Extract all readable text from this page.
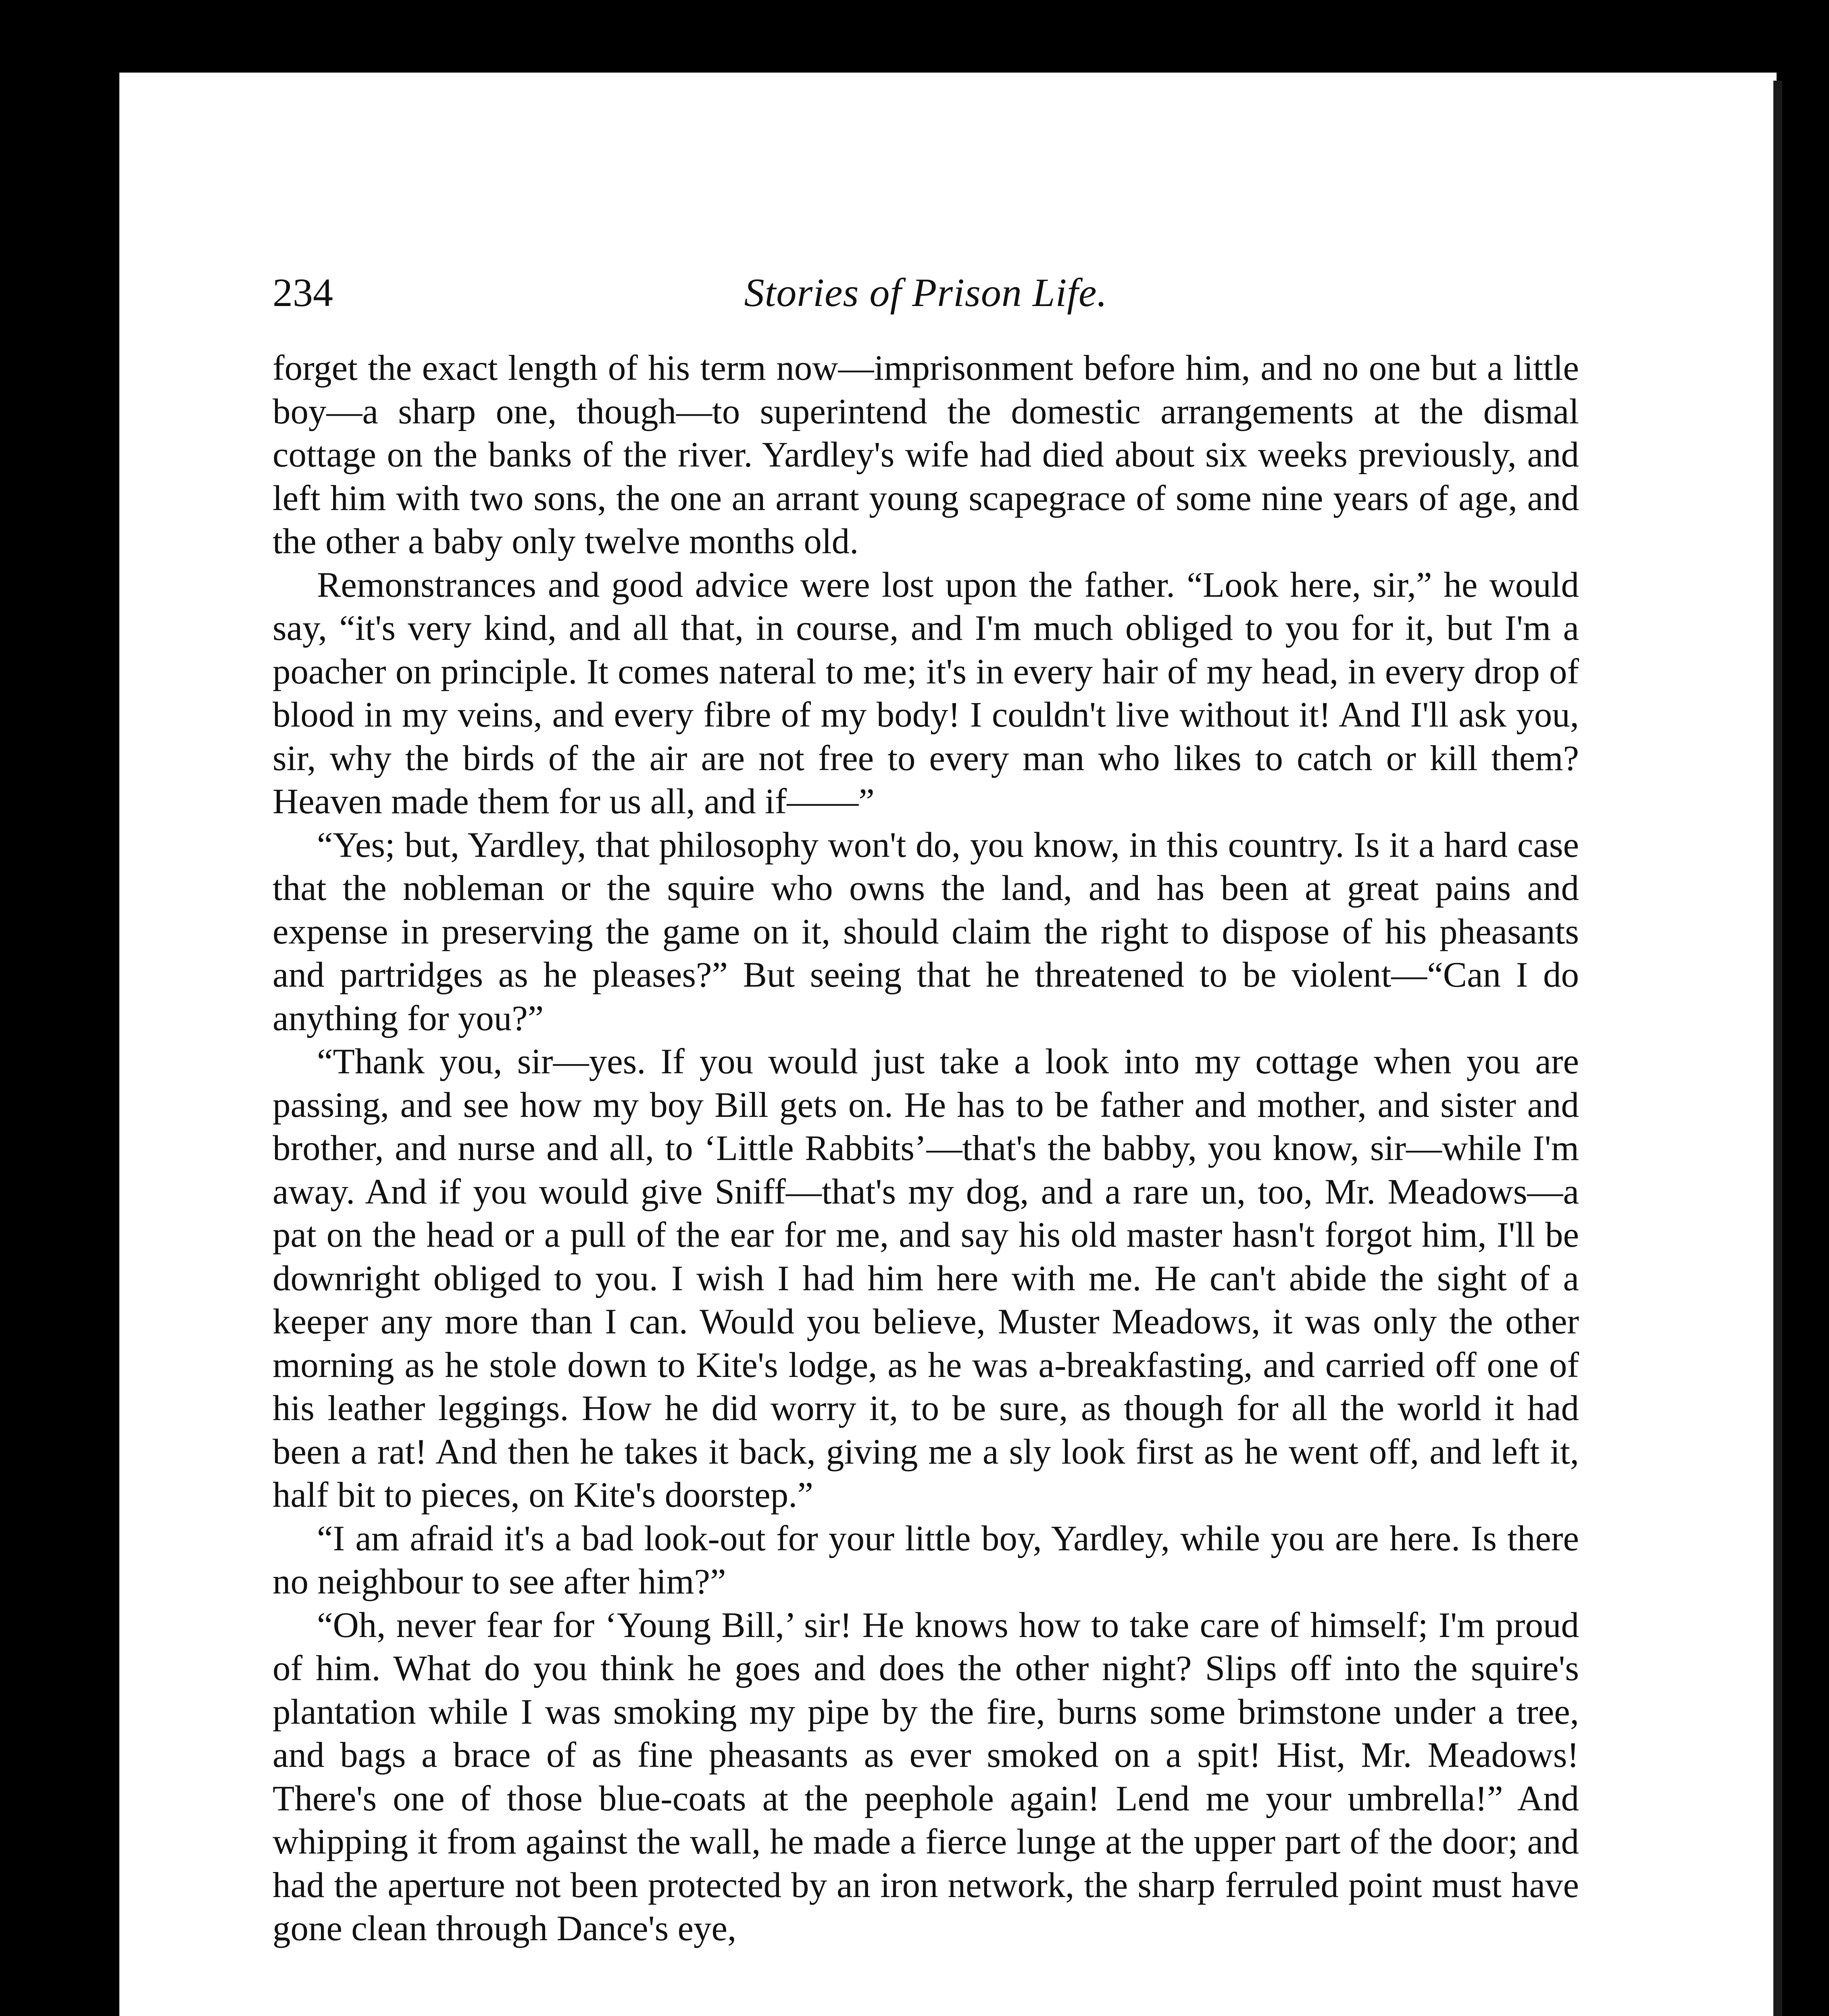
234	Stories of Prison Life.

forget the exact length of his term now—imprisonment before him, and no one but a little boy—a sharp one, though—to superintend the domestic arrangements at the dismal cottage on the banks of the river. Yardley's wife had died about six weeks previously, and left him with two sons, the one an arrant young scapegrace of some nine years of age, and the other a baby only twelve months old.

Remonstrances and good advice were lost upon the father. “Look here, sir,” he would say, “it's very kind, and all that, in course, and I'm much obliged to you for it, but I'm a poacher on principle. It comes nateral to me; it's in every hair of my head, in every drop of blood in my veins, and every fibre of my body! I couldn't live without it! And I'll ask you, sir, why the birds of the air are not free to every man who likes to catch or kill them? Heaven made them for us all, and if——”

“Yes; but, Yardley, that philosophy won't do, you know, in this country. Is it a hard case that the nobleman or the squire who owns the land, and has been at great pains and expense in preserving the game on it, should claim the right to dispose of his pheasants and partridges as he pleases?” But seeing that he threatened to be violent—“Can I do anything for you?”

“Thank you, sir—yes. If you would just take a look into my cottage when you are passing, and see how my boy Bill gets on. He has to be father and mother, and sister and brother, and nurse and all, to ‘Little Rabbits’—that's the babby, you know, sir—while I'm away. And if you would give Sniff—that's my dog, and a rare un, too, Mr. Meadows—a pat on the head or a pull of the ear for me, and say his old master hasn't forgot him, I'll be downright obliged to you. I wish I had him here with me. He can't abide the sight of a keeper any more than I can. Would you believe, Muster Meadows, it was only the other morning as he stole down to Kite's lodge, as he was a-breakfasting, and carried off one of his leather leggings. How he did worry it, to be sure, as though for all the world it had been a rat! And then he takes it back, giving me a sly look first as he went off, and left it, half bit to pieces, on Kite's doorstep.”

“I am afraid it's a bad look-out for your little boy, Yardley, while you are here. Is there no neighbour to see after him?”

“Oh, never fear for ‘Young Bill,’ sir! He knows how to take care of himself; I'm proud of him. What do you think he goes and does the other night? Slips off into the squire's plantation while I was smoking my pipe by the fire, burns some brimstone under a tree, and bags a brace of as fine pheasants as ever smoked on a spit! Hist, Mr. Meadows! There's one of those blue-coats at the peephole again! Lend me your umbrella!” And whipping it from against the wall, he made a fierce lunge at the upper part of the door; and had the aperture not been protected by an iron network, the sharp ferruled point must have gone clean through Dance's eye,
